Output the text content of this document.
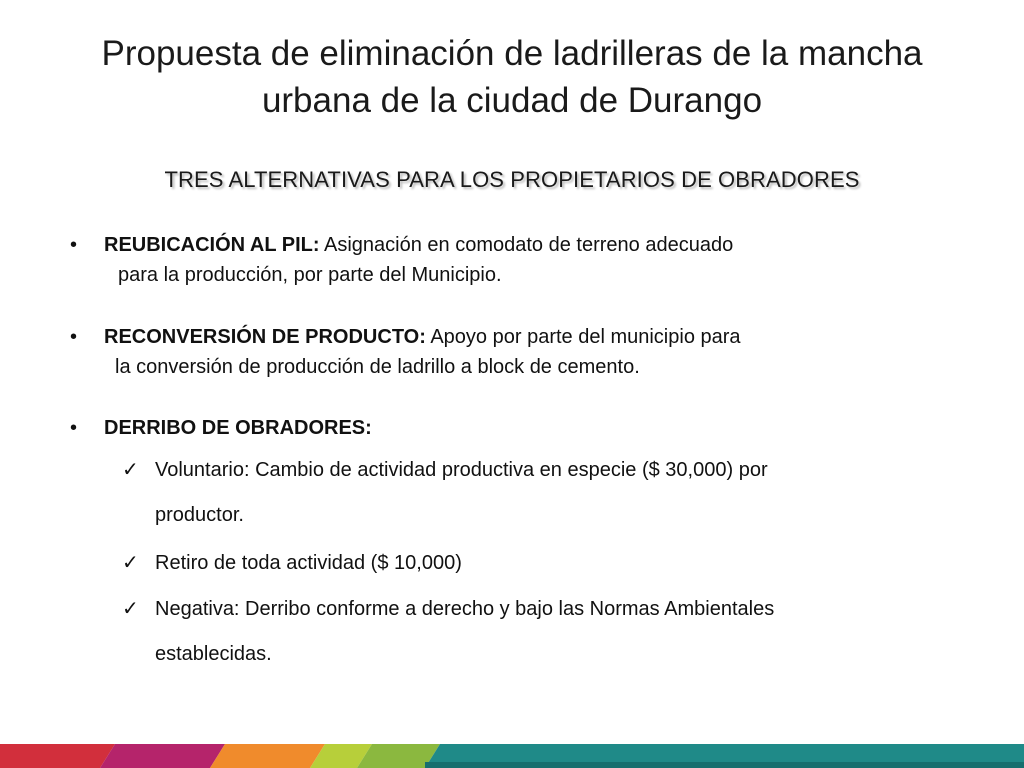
Propuesta de eliminación de ladrilleras de la mancha
urbana de la ciudad de Durango
TRES ALTERNATIVAS PARA LOS PROPIETARIOS DE OBRADORES
•	REUBICACIÓN AL PIL: Asignación en comodato de terreno adecuado
para la producción, por parte del Municipio.
•	RECONVERSIÓN DE PRODUCTO: Apoyo por parte del municipio para
la conversión de producción de ladrillo a block de cemento.
•	DERRIBO DE OBRADORES:
✓ Voluntario: Cambio de actividad productiva en especie ($ 30,000) por
productor.
✓ Retiro de toda actividad ($ 10,000)
✓ Negativa: Derribo conforme a derecho y bajo las Normas Ambientales
establecidas.
